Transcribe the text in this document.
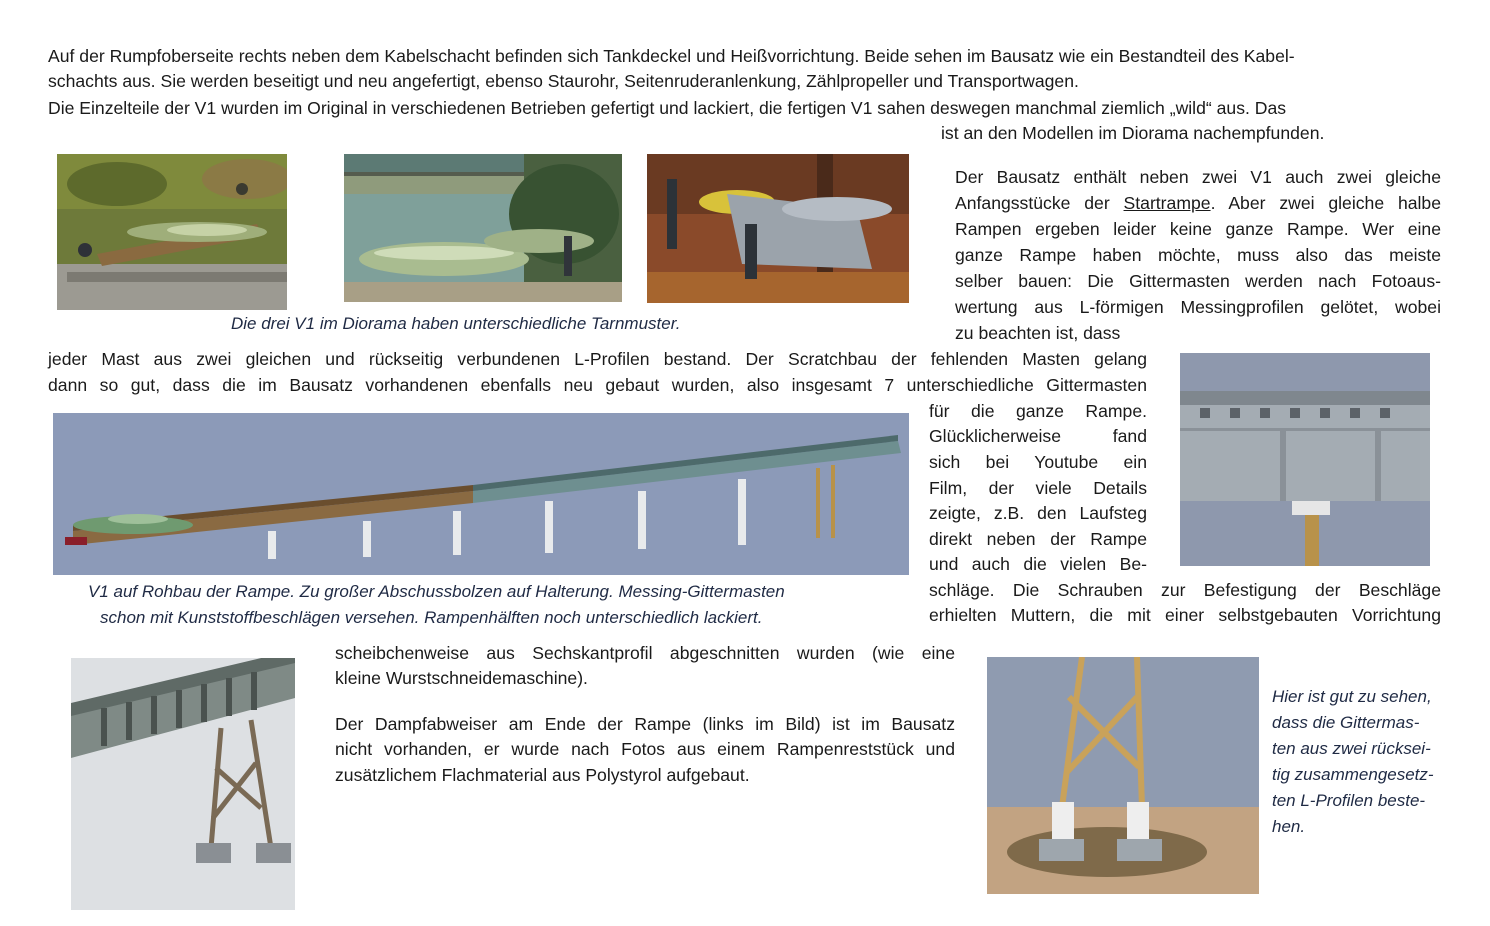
Auf der Rumpfoberseite rechts neben dem Kabelschacht befinden sich Tankdeckel und Heißvorrichtung. Beide sehen im Bausatz wie ein Bestandteil des Kabel-
schachts aus. Sie werden beseitigt und neu angefertigt, ebenso Staurohr, Seitenruderanlenkung, Zählpropeller und Transportwagen.
Die Einzelteile der V1 wurden im Original in verschiedenen Betrieben gefertigt und lackiert, die fertigen V1 sahen deswegen manchmal ziemlich „wild“ aus. Das
ist an den Modellen im Diorama nachempfunden.
Die drei V1 im Diorama haben unterschiedliche Tarnmuster.
Der Bausatz enthält neben zwei V1 auch zwei gleiche
Anfangsstücke der Startrampe. Aber zwei gleiche halbe
Rampen ergeben leider keine ganze Rampe. Wer eine
ganze Rampe haben möchte, muss also das meiste
selber bauen: Die Gittermasten werden nach Fotoaus-
wertung aus L-förmigen Messingprofilen gelötet, wobei
zu beachten ist, dass
jeder Mast aus zwei gleichen und rückseitig verbundenen L-Profilen bestand. Der Scratchbau der fehlenden Masten gelang
dann so gut, dass die im Bausatz vorhandenen ebenfalls neu gebaut wurden, also insgesamt 7 unterschiedliche Gittermasten
für die ganze Rampe.
Glücklicherweise fand
sich bei Youtube ein
Film, der viele Details
zeigte, z.B. den Laufsteg
direkt neben der Rampe
und auch die vielen Be-
schläge. Die Schrauben zur Befestigung der Beschläge
erhielten Muttern, die mit einer selbstgebauten Vorrichtung
V1 auf Rohbau der Rampe. Zu großer Abschussbolzen auf Halterung. Messing-Gittermasten
schon mit Kunststoffbeschlägen versehen. Rampenhälften noch unterschiedlich lackiert.
scheibchenweise aus Sechskantprofil abgeschnitten wurden (wie eine
kleine Wurstschneidemaschine).
Der Dampfabweiser am Ende der Rampe (links im Bild) ist im Bausatz
nicht vorhanden, er wurde nach Fotos aus einem Rampenreststück und
zusätzlichem Flachmaterial aus Polystyrol aufgebaut.
Hier ist gut zu sehen,
dass die Gittermas-
ten aus zwei rückseі-
tig zusammengesetz-
ten L-Profilen beste-
hen.
